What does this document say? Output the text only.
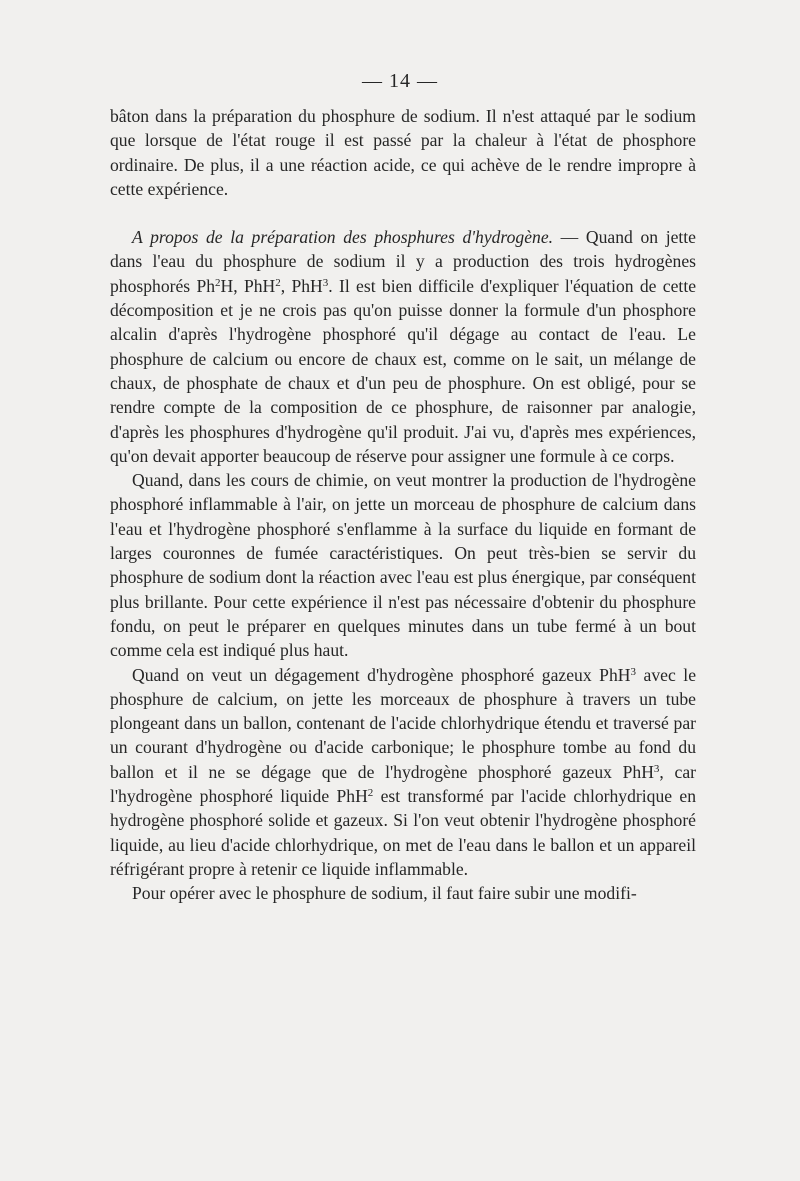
— 14 —

bâton dans la préparation du phosphure de sodium. Il n'est attaqué par le sodium que lorsque de l'état rouge il est passé par la chaleur à l'état de phosphore ordinaire. De plus, il a une réaction acide, ce qui achève de le rendre impropre à cette expérience.

A propos de la préparation des phosphures d'hydrogène. — Quand on jette dans l'eau du phosphure de sodium il y a production des trois hydrogènes phosphorés Ph$^2$H, PhH$^2$, PhH$^3$. Il est bien difficile d'expliquer l'équation de cette décomposition et je ne crois pas qu'on puisse donner la formule d'un phosphore alcalin d'après l'hydrogène phosphoré qu'il dégage au contact de l'eau. Le phosphure de calcium ou encore de chaux est, comme on le sait, un mélange de chaux, de phosphate de chaux et d'un peu de phosphure. On est obligé, pour se rendre compte de la composition de ce phosphure, de raisonner par analogie, d'après les phosphures d'hydrogène qu'il produit. J'ai vu, d'après mes expériences, qu'on devait apporter beaucoup de réserve pour assigner une formule à ce corps.

Quand, dans les cours de chimie, on veut montrer la production de l'hydrogène phosphoré inflammable à l'air, on jette un morceau de phosphure de calcium dans l'eau et l'hydrogène phosphoré s'enflamme à la surface du liquide en formant de larges couronnes de fumée caractéristiques. On peut très-bien se servir du phosphure de sodium dont la réaction avec l'eau est plus énergique, par conséquent plus brillante. Pour cette expérience il n'est pas nécessaire d'obtenir du phosphure fondu, on peut le préparer en quelques minutes dans un tube fermé à un bout comme cela est indiqué plus haut.

Quand on veut un dégagement d'hydrogène phosphoré gazeux PhH$^3$ avec le phosphure de calcium, on jette les morceaux de phosphure à travers un tube plongeant dans un ballon, contenant de l'acide chlorhydrique étendu et traversé par un courant d'hydrogène ou d'acide carbonique; le phosphure tombe au fond du ballon et il ne se dégage que de l'hydrogène phosphoré gazeux PhH$^3$, car l'hydrogène phosphoré liquide PhH$^2$ est transformé par l'acide chlorhydrique en hydrogène phosphoré solide et gazeux. Si l'on veut obtenir l'hydrogène phosphoré liquide, au lieu d'acide chlorhydrique, on met de l'eau dans le ballon et un appareil réfrigérant propre à retenir ce liquide inflammable.

Pour opérer avec le phosphure de sodium, il faut faire subir une modifi-
